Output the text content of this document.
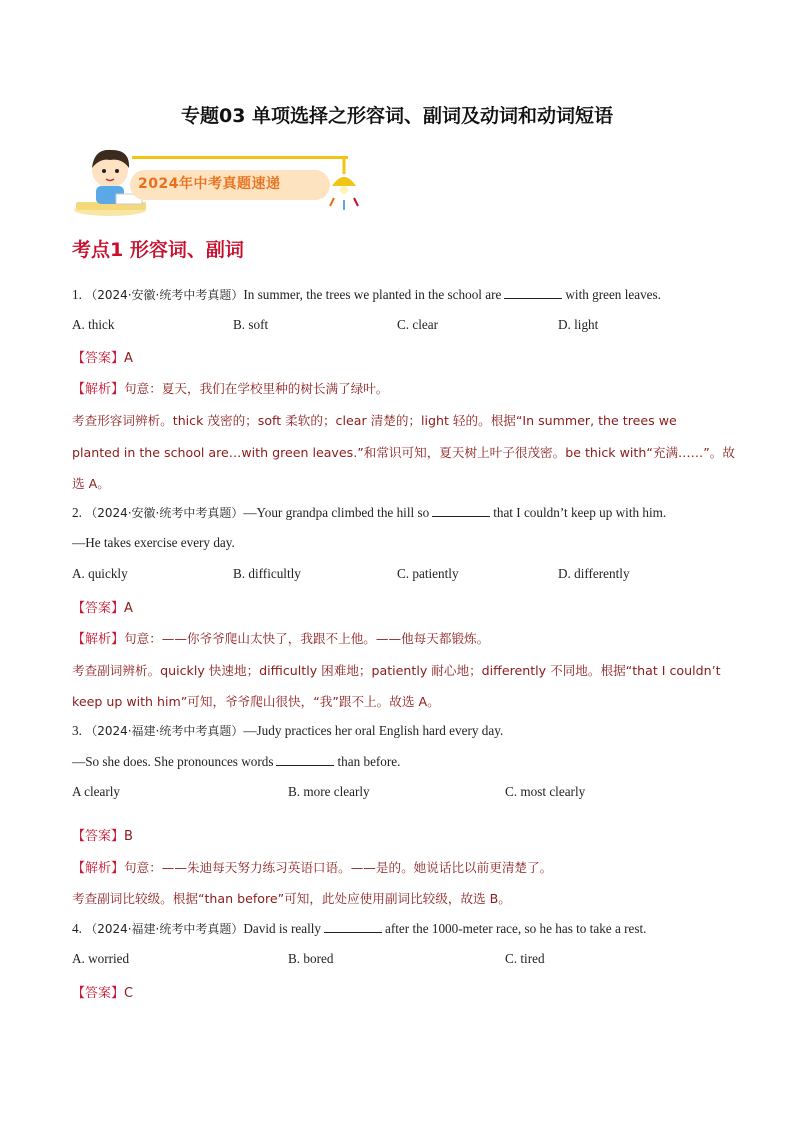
专题03 单项选择之形容词、副词及动词和动词短语
2024年中考真题速递
考点1 形容词、副词
1. （2024·安徽·统考中考真题）In summer, the trees we planted in the school are	with green leaves.
A. thick	B. soft	C. clear	D. light
【答案】A
【解析】句意：夏天，我们在学校里种的树长满了绿叶。
考查形容词辨析。thick 茂密的；soft 柔软的；clear 清楚的；light 轻的。根据“In summer, the trees we
planted in the school are…with green leaves.”和常识可知，夏天树上叶子很茂密。be thick with“充满……”。故
选 A。
2. （2024·安徽·统考中考真题）—Your grandpa climbed the hill so	that I couldn’t keep up with him.
—He takes exercise every day.
A. quickly	B. difficultly	C. patiently	D. differently
【答案】A
【解析】句意：——你爷爷爬山太快了，我跟不上他。——他每天都锻炼。
考查副词辨析。quickly 快速地；difficultly 困难地；patiently 耐心地；differently 不同地。根据“that I couldn’t
keep up with him”可知，爷爷爬山很快，“我”跟不上。故选 A。
3. （2024·福建·统考中考真题）—Judy practices her oral English hard every day.
—So she does. She pronounces words	than before.
A clearly	B. more clearly	C. most clearly
【答案】B
【解析】句意：——朱迪每天努力练习英语口语。——是的。她说话比以前更清楚了。
考查副词比较级。根据“than before”可知，此处应使用副词比较级，故选 B。
4. （2024·福建·统考中考真题）David is really	after the 1000-meter race, so he has to take a rest.
A. worried	B. bored	C. tired
【答案】C
